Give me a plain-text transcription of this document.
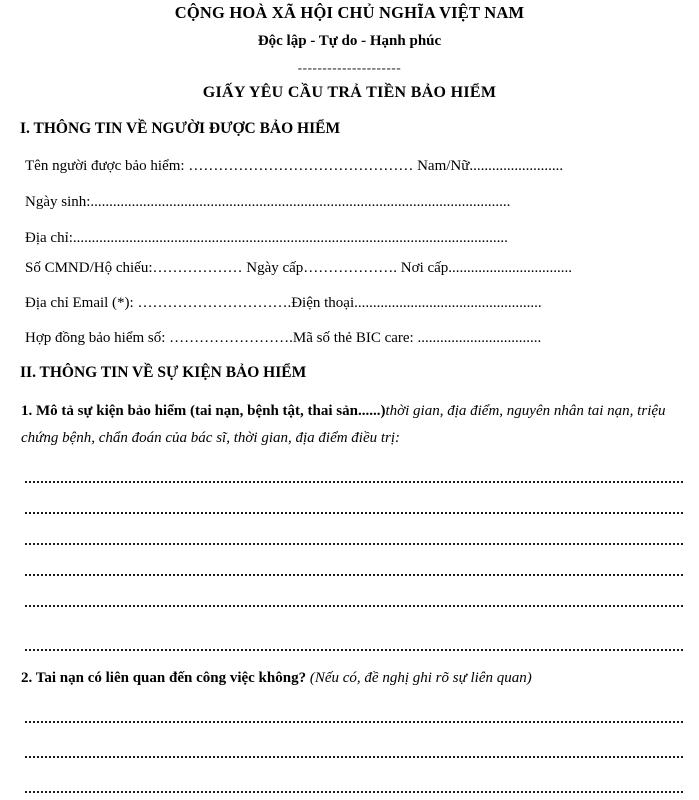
CỘNG HOÀ XÃ HỘI CHỦ NGHĨA VIỆT NAM
Độc lập - Tự do - Hạnh phúc
---------------------
GIẤY YÊU CẦU TRẢ TIỀN BẢO HIỂM
I. THÔNG TIN VỀ NGƯỜI ĐƯỢC BẢO HIỂM
Tên người được bảo hiểm: ……………………………………… Nam/Nữ.........................
Ngày sinh:................................................................................................................
Địa chỉ:....................................................................................................................
Số CMND/Hộ chiếu:……………… Ngày cấp………………. Nơi cấp.................................
Địa chỉ Email (*): ………………………….Điện thoại..................................................
Hợp đồng bảo hiểm số: …………………….Mã số thẻ BIC care: .................................
II. THÔNG TIN VỀ SỰ KIỆN BẢO HIỂM
1. Mô tả sự kiện bảo hiểm (tai nạn, bệnh tật, thai sản......)thời gian, địa điểm, nguyên nhân tai nạn, triệu chứng bệnh, chẩn đoán của bác sĩ, thời gian, địa điểm điều trị:
2. Tai nạn có liên quan đến công việc không? (Nếu có, đề nghị ghi rõ sự liên quan)
